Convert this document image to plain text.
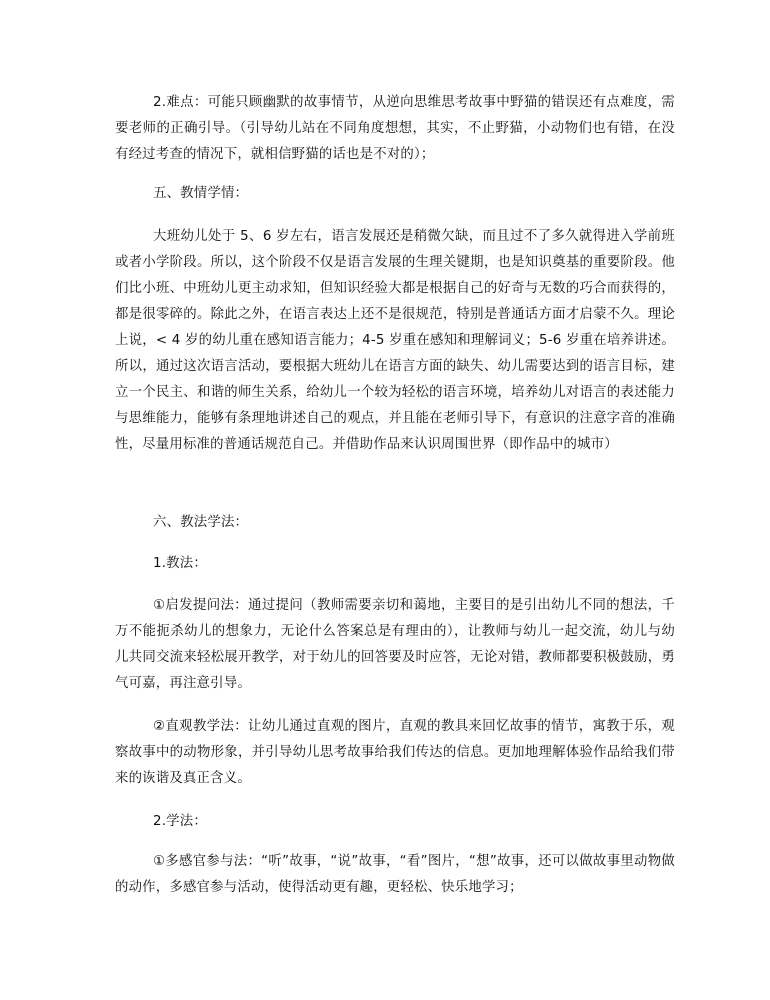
2.难点：可能只顾幽默的故事情节，从逆向思维思考故事中野猫的错误还有点难度，需要老师的正确引导。（引导幼儿站在不同角度想想，其实，不止野猫，小动物们也有错，在没有经过考查的情况下，就相信野猫的话也是不对的）；

五、教情学情：

大班幼儿处于 5、6 岁左右，语言发展还是稍微欠缺，而且过不了多久就得进入学前班或者小学阶段。所以，这个阶段不仅是语言发展的生理关键期，也是知识奠基的重要阶段。他们比小班、中班幼儿更主动求知，但知识经验大都是根据自己的好奇与无数的巧合而获得的，都是很零碎的。除此之外，在语言表达上还不是很规范，特别是普通话方面才启蒙不久。理论上说，< 4 岁的幼儿重在感知语言能力；4-5 岁重在感知和理解词义；5-6 岁重在培养讲述。所以，通过这次语言活动，要根据大班幼儿在语言方面的缺失、幼儿需要达到的语言目标，建立一个民主、和谐的师生关系，给幼儿一个较为轻松的语言环境，培养幼儿对语言的表述能力与思维能力，能够有条理地讲述自己的观点，并且能在老师引导下，有意识的注意字音的准确性，尽量用标准的普通话规范自己。并借助作品来认识周围世界（即作品中的城市）

六、教法学法：

1.教法：

①启发提问法：通过提问（教师需要亲切和蔼地，主要目的是引出幼儿不同的想法，千万不能扼杀幼儿的想象力，无论什么答案总是有理由的），让教师与幼儿一起交流，幼儿与幼儿共同交流来轻松展开教学，对于幼儿的回答要及时应答，无论对错，教师都要积极鼓励，勇气可嘉，再注意引导。

②直观教学法：让幼儿通过直观的图片，直观的教具来回忆故事的情节，寓教于乐，观察故事中的动物形象，并引导幼儿思考故事给我们传达的信息。更加地理解体验作品给我们带来的诙谐及真正含义。

2.学法：

①多感官参与法：“听”故事，“说”故事，“看”图片，“想”故事，还可以做故事里动物做的动作，多感官参与活动，使得活动更有趣，更轻松、快乐地学习；
